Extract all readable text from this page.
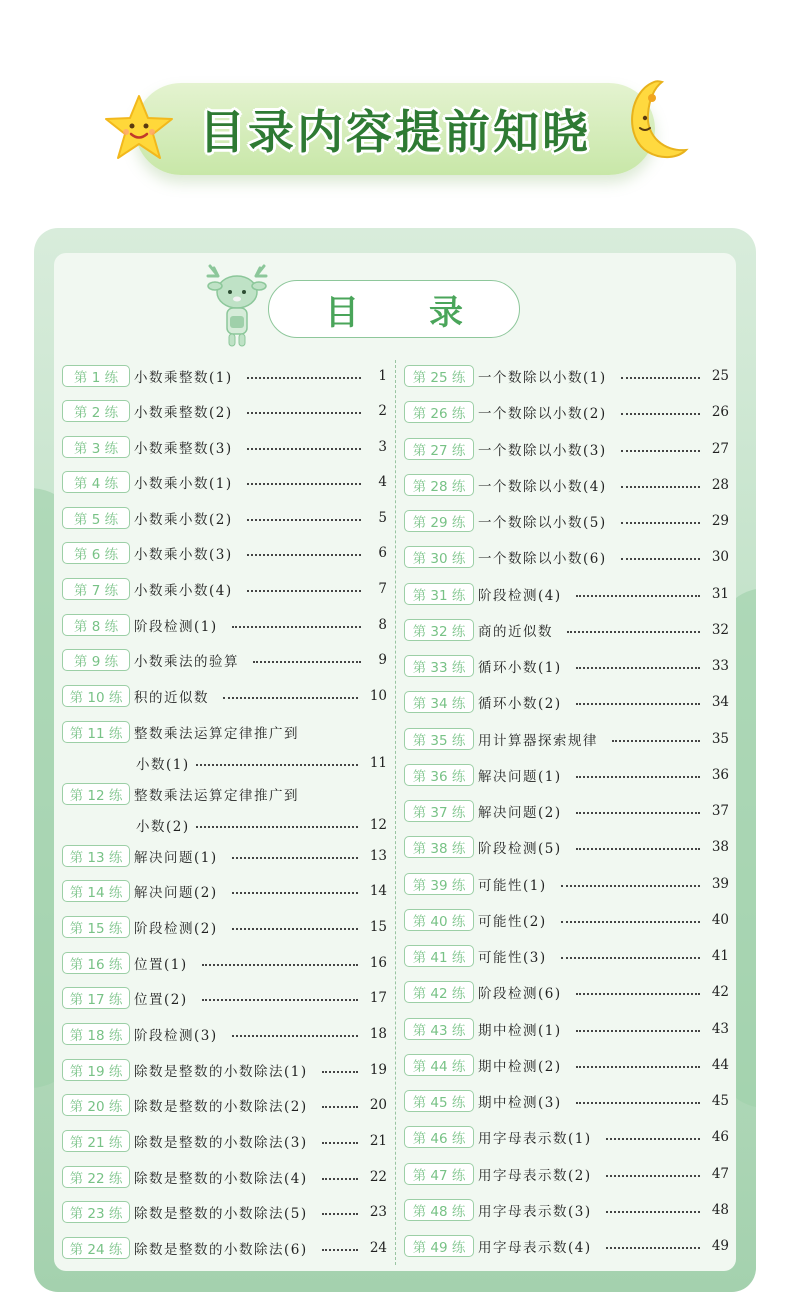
目录内容提前知晓
目　录
第 1 练	小数乘整数(1)	1
第 2 练	小数乘整数(2)	2
第 3 练	小数乘整数(3)	3
第 4 练	小数乘小数(1)	4
第 5 练	小数乘小数(2)	5
第 6 练	小数乘小数(3)	6
第 7 练	小数乘小数(4)	7
第 8 练	阶段检测(1)	8
第 9 练	小数乘法的验算	9
第 10 练 积的近似数	10
第 11 练 整数乘法运算定律推广到
小数(1)	11
第 12 练 整数乘法运算定律推广到
小数(2)	12
第 13 练 解决问题(1)	13
第 14 练 解决问题(2)	14
第 15 练 阶段检测(2)	15
第 16 练 位置(1)	16
第 17 练 位置(2)	17
第 18 练 阶段检测(3)	18
第 19 练 除数是整数的小数除法(1)	19
第 20 练 除数是整数的小数除法(2)	20
第 21 练 除数是整数的小数除法(3)	21
第 22 练 除数是整数的小数除法(4)	22
第 23 练 除数是整数的小数除法(5)	23
第 24 练 除数是整数的小数除法(6)	24
第 25 练 一个数除以小数(1)	25
第 26 练 一个数除以小数(2)	26
第 27 练 一个数除以小数(3)	27
第 28 练 一个数除以小数(4)	28
第 29 练 一个数除以小数(5)	29
第 30 练 一个数除以小数(6)	30
第 31 练 阶段检测(4)	31
第 32 练 商的近似数	32
第 33 练 循环小数(1)	33
第 34 练 循环小数(2)	34
第 35 练 用计算器探索规律	35
第 36 练 解决问题(1)	36
第 37 练 解决问题(2)	37
第 38 练 阶段检测(5)	38
第 39 练 可能性(1)	39
第 40 练 可能性(2)	40
第 41 练 可能性(3)	41
第 42 练 阶段检测(6)	42
第 43 练 期中检测(1)	43
第 44 练 期中检测(2)	44
第 45 练 期中检测(3)	45
第 46 练 用字母表示数(1)	46
第 47 练 用字母表示数(2)	47
第 48 练 用字母表示数(3)	48
第 49 练 用字母表示数(4)	49
